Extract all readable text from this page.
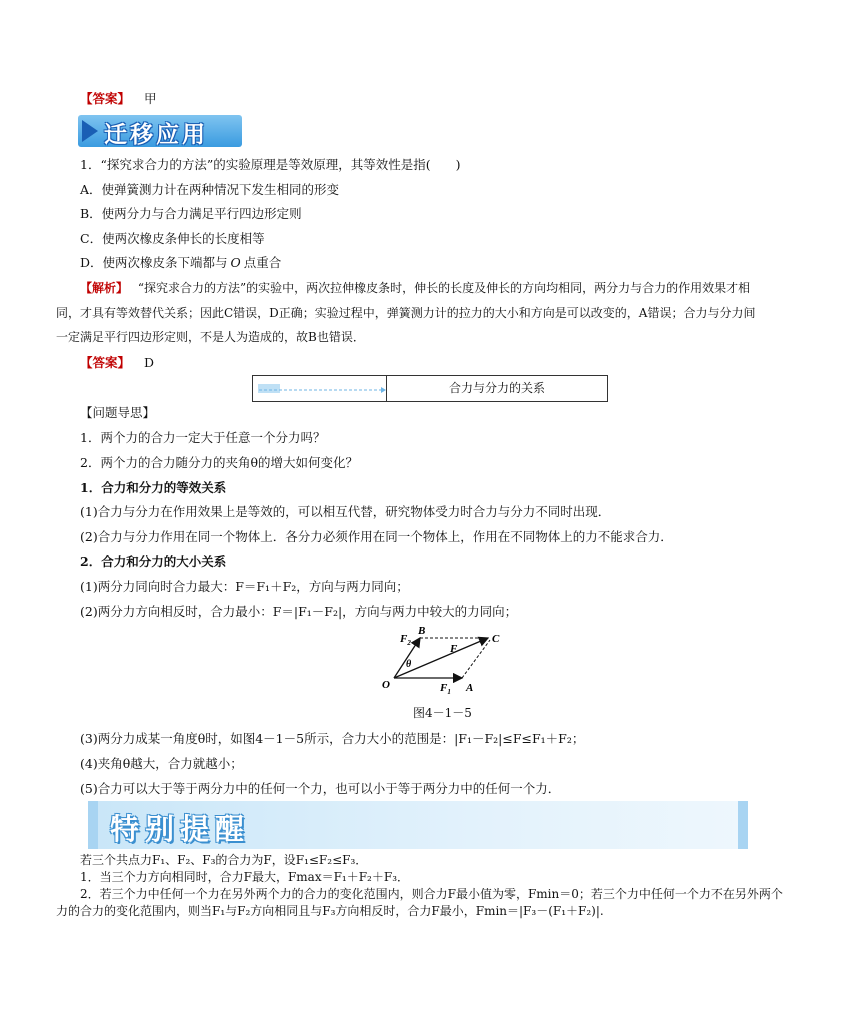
【答案】 甲
迁移应用
1．“探究求合力的方法”的实验原理是等效原理，其等效性是指(　　)
A．使弹簧测力计在两种情况下发生相同的形变
B．使两分力与合力满足平行四边形定则
C．使两次橡皮条伸长的长度相等
D．使两次橡皮条下端都与 O 点重合
【解析】 “探究求合力的方法”的实验中，两次拉伸橡皮条时，伸长的长度及伸长的方向均相同，两分力与合力的作用效果才相
同，才具有等效替代关系；因此C错误，D正确；实验过程中，弹簧测力计的拉力的大小和方向是可以改变的，A错误；合力与分力间
一定满足平行四边形定则，不是人为造成的，故B也错误．
【答案】 D
合力与分力的关系
【问题导思】
1．两个力的合力一定大于任意一个分力吗？
2．两个力的合力随分力的夹角θ的增大如何变化？
1．合力和分力的等效关系
(1)合力与分力在作用效果上是等效的，可以相互代替，研究物体受力时合力与分力不同时出现．
(2)合力与分力作用在同一个物体上．各分力必须作用在同一个物体上，作用在不同物体上的力不能求合力．
2．合力和分力的大小关系
(1)两分力同向时合力最大：F＝F₁＋F₂，方向与两力同向；
(2)两分力方向相反时，合力最小：F＝|F₁－F₂|，方向与两力中较大的力同向；
$F_2$
B
C
F
θ
O	$F_1$ A
图4－1－5
(3)两分力成某一角度θ时，如图4－1－5所示，合力大小的范围是：|F₁－F₂|≤F≤F₁＋F₂；
(4)夹角θ越大，合力就越小；
(5)合力可以大于等于两分力中的任何一个力，也可以小于等于两分力中的任何一个力．
特别提醒
若三个共点力F₁、F₂、F₃的合力为F，设F₁≤F₂≤F₃．
1．当三个力方向相同时，合力F最大，Fmax＝F₁＋F₂＋F₃．
2．若三个力中任何一个力在另外两个力的合力的变化范围内，则合力F最小值为零，Fmin＝0；若三个力中任何一个力不在另外两个
力的合力的变化范围内，则当F₁与F₂方向相同且与F₃方向相反时，合力F最小，Fmin＝|F₃－(F₁＋F₂)|.
